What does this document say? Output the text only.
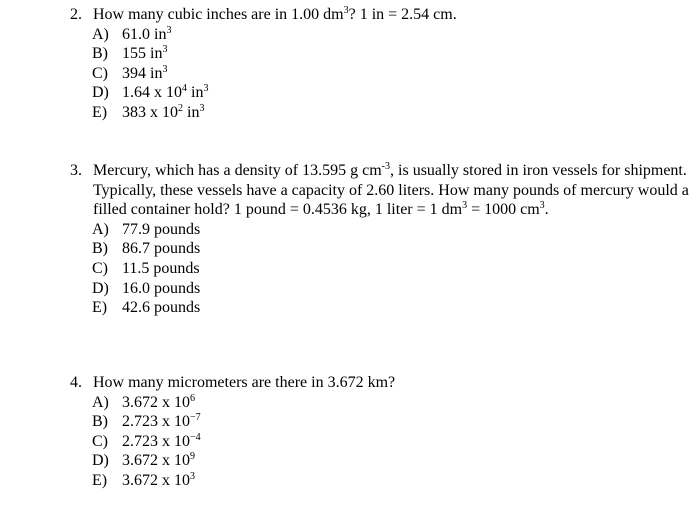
2. How many cubic inches are in 1.00 $dm^3$? 1 in = 2.54 cm.
A) 61.0 $in^3$
B) 155 $in^3$
C) 394 $in^3$
D) 1.64 x $10^4$ $in^3$
E) 383 x $10^2$ $in^3$
3. Mercury, which has a density of 13.595 g $cm^{-3}$, is usually stored in iron vessels for shipment. Typically, these vessels have a capacity of 2.60 liters. How many pounds of mercury would a filled container hold? 1 pound = 0.4536 kg, 1 liter = 1 $dm^3 = 1000$ $cm^3$.
A) 77.9 pounds
B) 86.7 pounds
C) 11.5 pounds
D) 16.0 pounds
E) 42.6 pounds
4. How many micrometers are there in 3.672 km?
A) 3.672 x $10^6$
B) 2.723 x $10^{-7}$
C) 2.723 x $10^{-4}$
D) 3.672 x $10^9$
E) 3.672 x $10^3$
